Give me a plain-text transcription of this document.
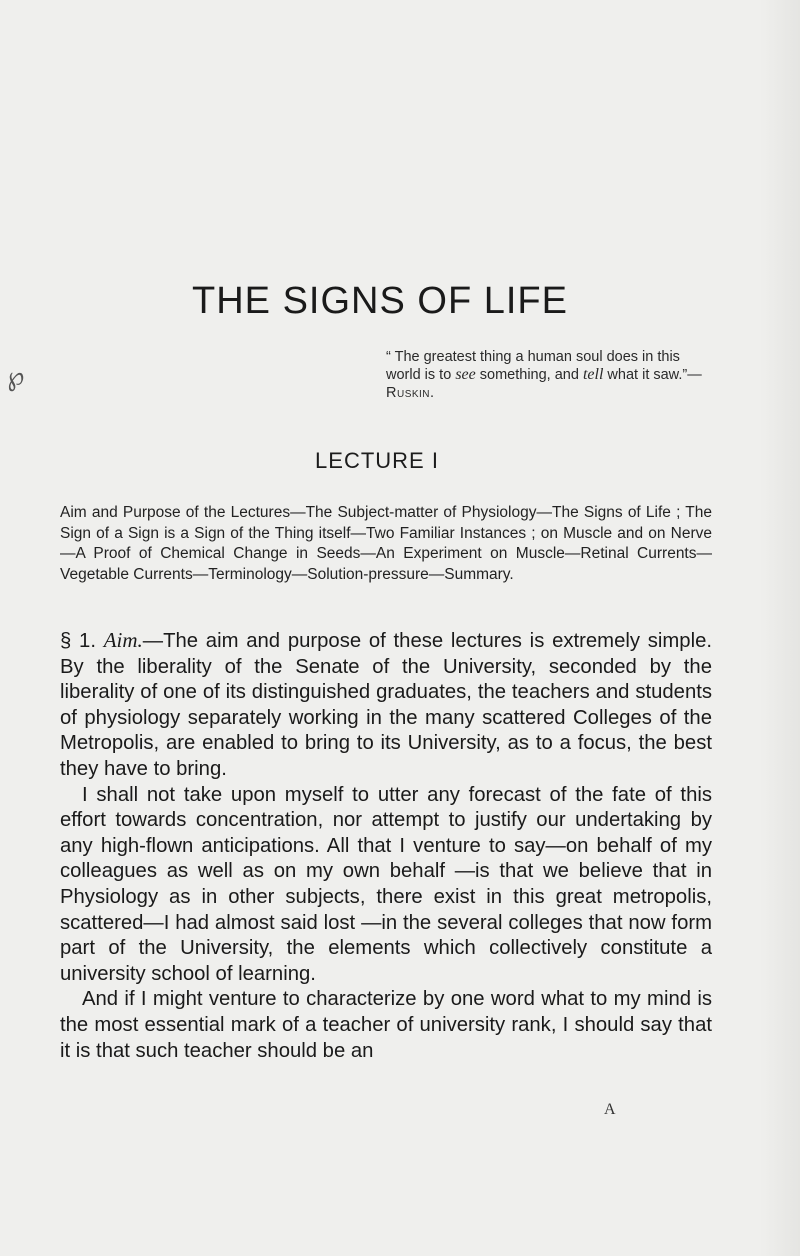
THE SIGNS OF LIFE
“ The greatest thing a human soul does in this world is to see something, and tell what it saw.”—Ruskin.
℘
LECTURE I
Aim and Purpose of the Lectures—The Subject-matter of Physiology—The Signs of Life ; The Sign of a Sign is a Sign of the Thing itself—Two Familiar Instances ; on Muscle and on Nerve—A Proof of Chemical Change in Seeds—An Experiment on Muscle—Retinal Currents—Vegetable Currents—Terminology—Solution-pressure—Summary.

§ 1. Aim.—The aim and purpose of these lectures is extremely simple. By the liberality of the Senate of the University, seconded by the liberality of one of its distinguished graduates, the teachers and students of physiology separately working in the many scattered Colleges of the Metropolis, are enabled to bring to its University, as to a focus, the best they have to bring.

I shall not take upon myself to utter any forecast of the fate of this effort towards concentration, nor attempt to justify our undertaking by any high-flown anticipations. All that I venture to say—on behalf of my colleagues as well as on my own behalf —is that we believe that in Physiology as in other subjects, there exist in this great metropolis, scattered—I had almost said lost —in the several colleges that now form part of the University, the elements which collectively constitute a university school of learning.

And if I might venture to characterize by one word what to my mind is the most essential mark of a teacher of university rank, I should say that it is that such teacher should be an

A
